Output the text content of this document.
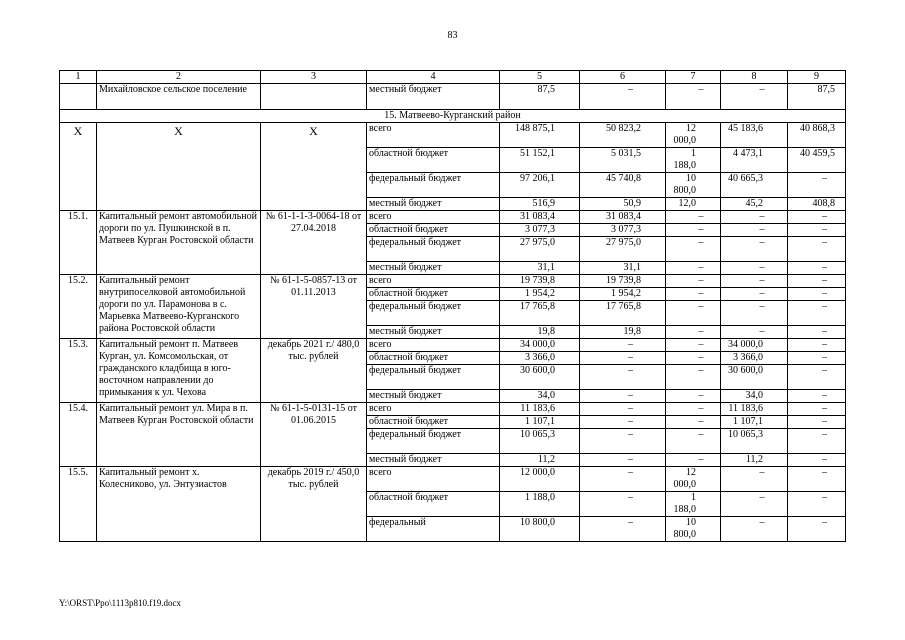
83
1	2	3	4	5	6	7	8	9
	Михайловское сельское поселение		местный бюджет	87,5	–	–	–	87,5
15. Матвеево-Курганский район								
Х	Х	Х	всего	148 875,1	50 823,2	12 000,0	45 183,6	40 868,3
			областной бюджет	51 152,1	5 031,5	1 188,0	4 473,1	40 459,5
			федеральный бюджет	97 206,1	45 740,8	10 800,0	40 665,3	–
			местный бюджет	516,9	50,9	12,0	45,2	408,8
15.1.	Капитальный ремонт автомобильной дороги по ул. Пушкинской в п. Матвеев Курган Ростовской области	№ 61-1-1-3-0064-18 от 27.04.2018	всего	31 083,4	31 083,4	–	–	–
			областной бюджет	3 077,3	3 077,3	–	–	–
			федеральный бюджет	27 975,0	27 975,0	–	–	–
			местный бюджет	31,1	31,1	–	–	–
15.2.	Капитальный ремонт внутрипоселковой автомобильной дороги по ул. Парамонова в с. Марьевка Матвеево-Курганского района Ростовской области	№ 61-1-5-0857-13 от 01.11.2013	всего	19 739,8	19 739,8	–	–	–
			областной бюджет	1 954,2	1 954,2	–	–	–
			федеральный бюджет	17 765,8	17 765,8	–	–	–
			местный бюджет	19,8	19,8	–	–	–
15.3.	Капитальный ремонт п. Матвеев Курган, ул. Комсомольская, от гражданского кладбища в юго-восточном направлении до примыкания к ул. Чехова	декабрь 2021 г./ 480,0 тыс. рублей	всего	34 000,0	–	–	34 000,0	–
			областной бюджет	3 366,0	–	–	3 366,0	–
			федеральный бюджет	30 600,0	–	–	30 600,0	–
			местный бюджет	34,0	–	–	34,0	–
15.4.	Капитальный ремонт ул. Мира в п. Матвеев Курган Ростовской области	№ 61-1-5-0131-15 от 01.06.2015	всего	11 183,6	–	–	11 183,6	–
			областной бюджет	1 107,1	–	–	1 107,1	–
			федеральный бюджет	10 065,3	–	–	10 065,3	–
			местный бюджет	11,2	–	–	11,2	–
15.5.	Капитальный ремонт х. Колесниково, ул. Энтузиастов	декабрь 2019 г./ 450,0 тыс. рублей	всего	12 000,0	–	12 000,0	–	–
			областной бюджет	1 188,0	–	1 188,0	–	–
			федеральный	10 800,0	–	10 800,0	–	–
Y:\ORST\Ppo\1113p810.f19.docx
